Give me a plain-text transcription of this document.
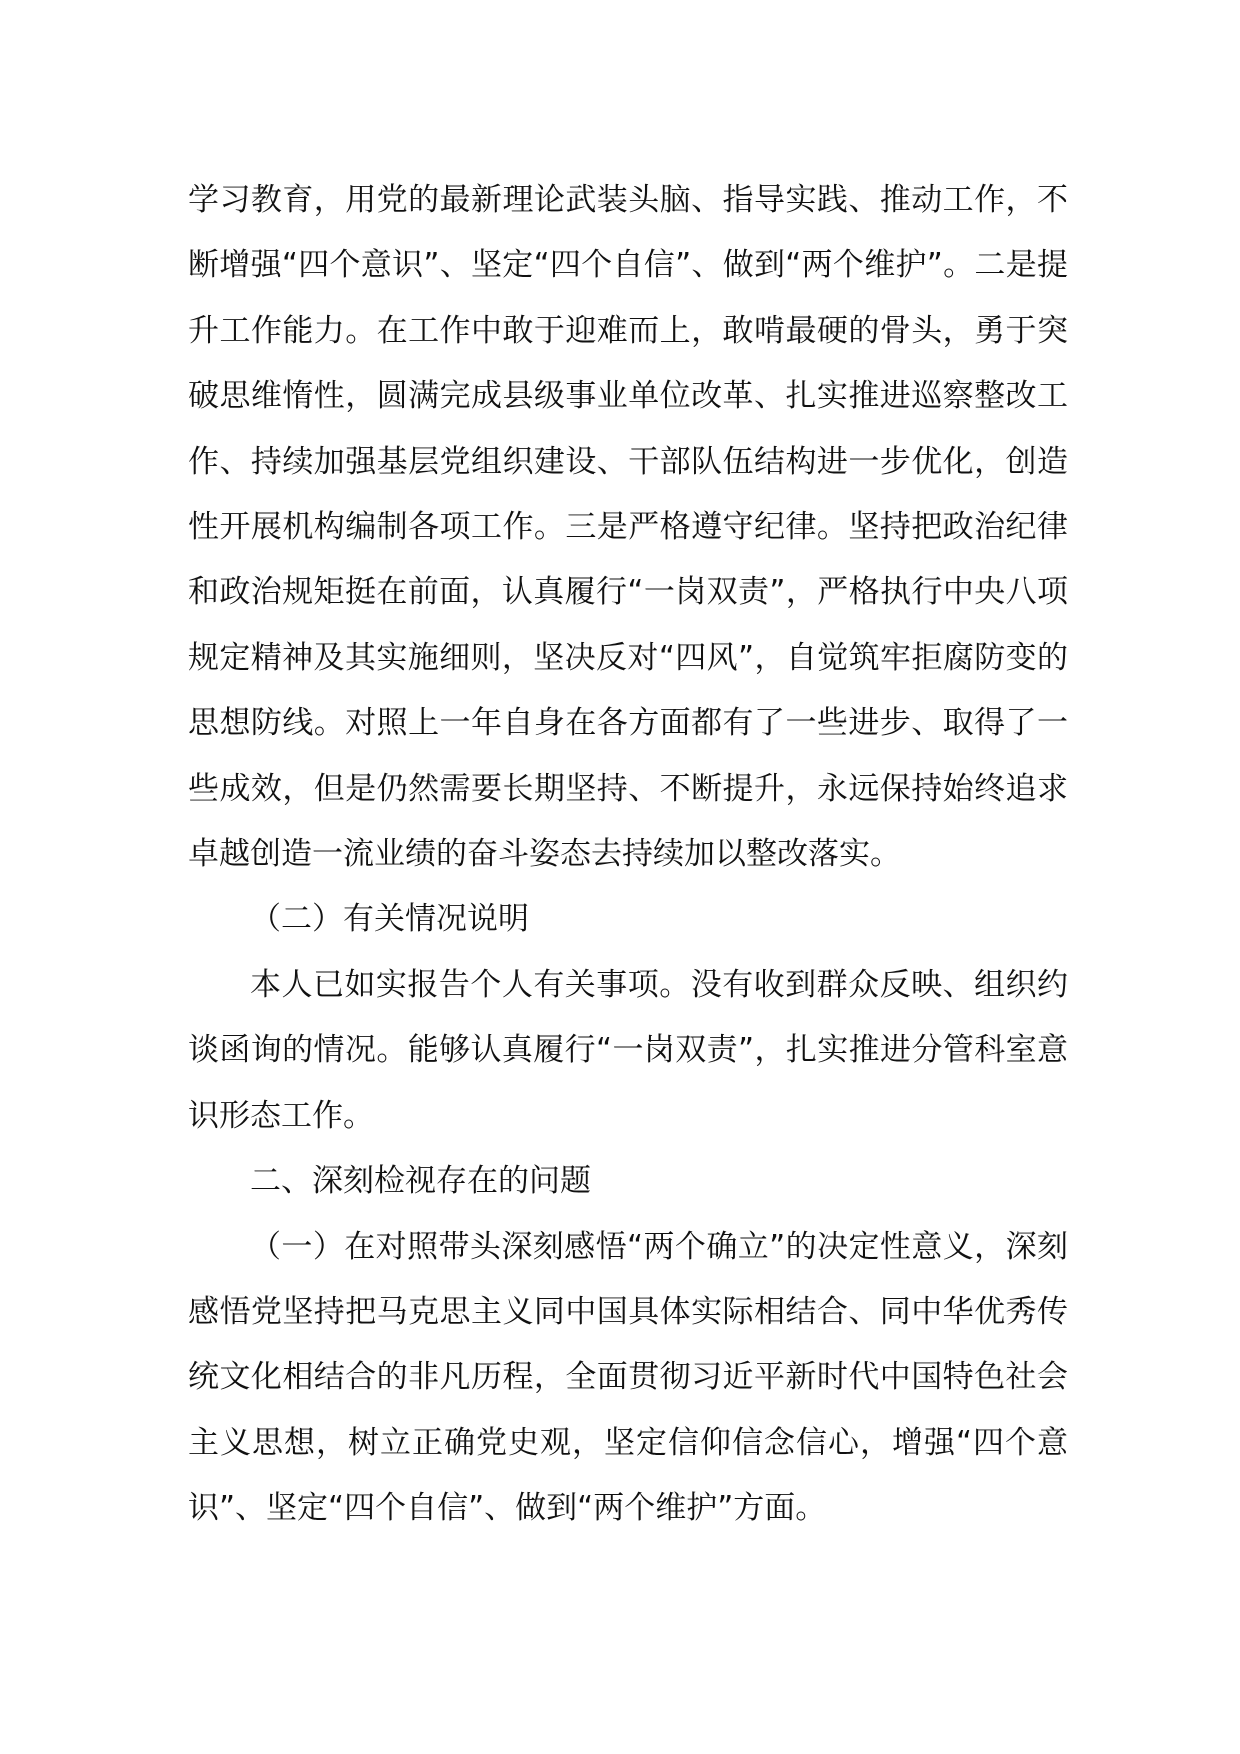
学习教育，用党的最新理论武装头脑、指导实践、推动工作，不断增强“四个意识”、坚定“四个自信”、做到“两个维护”。二是提升工作能力。在工作中敢于迎难而上，敢啃最硬的骨头，勇于突破思维惰性，圆满完成县级事业单位改革、扎实推进巡察整改工作、持续加强基层党组织建设、干部队伍结构进一步优化，创造性开展机构编制各项工作。三是严格遵守纪律。坚持把政治纪律和政治规矩挺在前面，认真履行“一岗双责”，严格执行中央八项规定精神及其实施细则，坚决反对“四风”，自觉筑牢拒腐防变的思想防线。对照上一年自身在各方面都有了一些进步、取得了一些成效，但是仍然需要长期坚持、不断提升，永远保持始终追求卓越创造一流业绩的奋斗姿态去持续加以整改落实。

（二）有关情况说明

本人已如实报告个人有关事项。没有收到群众反映、组织约谈函询的情况。能够认真履行“一岗双责”，扎实推进分管科室意识形态工作。

二、深刻检视存在的问题

（一）在对照带头深刻感悟“两个确立”的决定性意义，深刻感悟党坚持把马克思主义同中国具体实际相结合、同中华优秀传统文化相结合的非凡历程，全面贯彻习近平新时代中国特色社会主义思想，树立正确党史观，坚定信仰信念信心，增强“四个意识”、坚定“四个自信”、做到“两个维护”方面。
